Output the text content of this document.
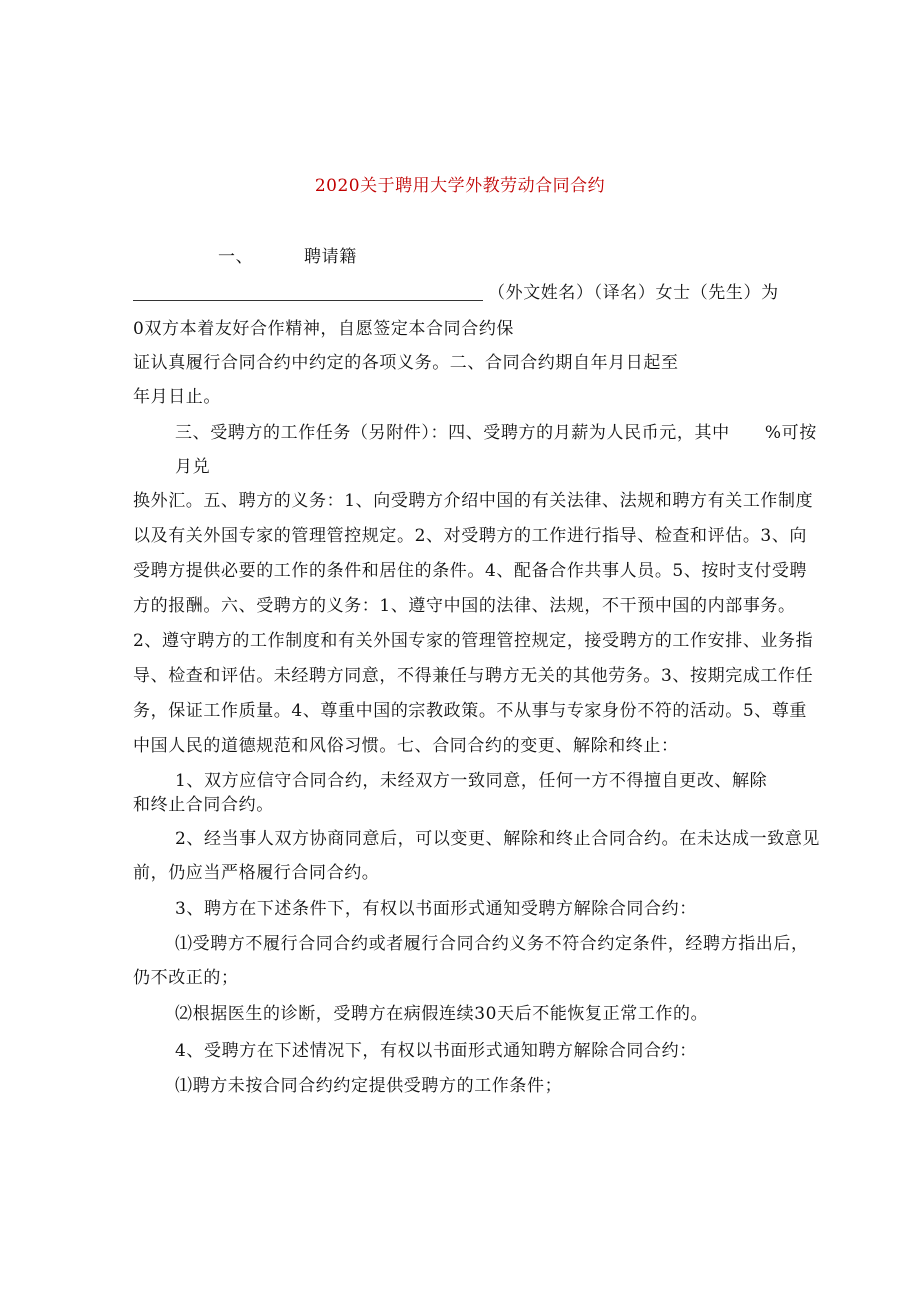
2020关于聘用大学外教劳动合同合约
一、	聘请籍
（外文姓名）（译名）女士（先生）为
0双方本着友好合作精神，自愿签定本合同合约保
证认真履行合同合约中约定的各项义务。二、合同合约期自年月日起至
年月日止。
三、受聘方的工作任务（另附件）：四、受聘方的月薪为人民币元，其中　　%可按
月兑
换外汇。五、聘方的义务：1、向受聘方介绍中国的有关法律、法规和聘方有关工作制度
以及有关外国专家的管理管控规定。2、对受聘方的工作进行指导、检查和评估。3、向
受聘方提供必要的工作的条件和居住的条件。4、配备合作共事人员。5、按时支付受聘
方的报酬。六、受聘方的义务：1、遵守中国的法律、法规，不干预中国的内部事务。
2、遵守聘方的工作制度和有关外国专家的管理管控规定，接受聘方的工作安排、业务指
导、检查和评估。未经聘方同意，不得兼任与聘方无关的其他劳务。3、按期完成工作任
务，保证工作质量。4、尊重中国的宗教政策。不从事与专家身份不符的活动。5、尊重
中国人民的道德规范和风俗习惯。七、合同合约的变更、解除和终止：
1、双方应信守合同合约，未经双方一致同意，任何一方不得擅自更改、解除
和终止合同合约。
2、经当事人双方协商同意后，可以变更、解除和终止合同合约。在未达成一致意见
前，仍应当严格履行合同合约。
3、聘方在下述条件下，有权以书面形式通知受聘方解除合同合约：
⑴受聘方不履行合同合约或者履行合同合约义务不符合约定条件，经聘方指出后，
仍不改正的；
⑵根据医生的诊断，受聘方在病假连续30天后不能恢复正常工作的。
4、受聘方在下述情况下，有权以书面形式通知聘方解除合同合约：
⑴聘方未按合同合约约定提供受聘方的工作条件；
